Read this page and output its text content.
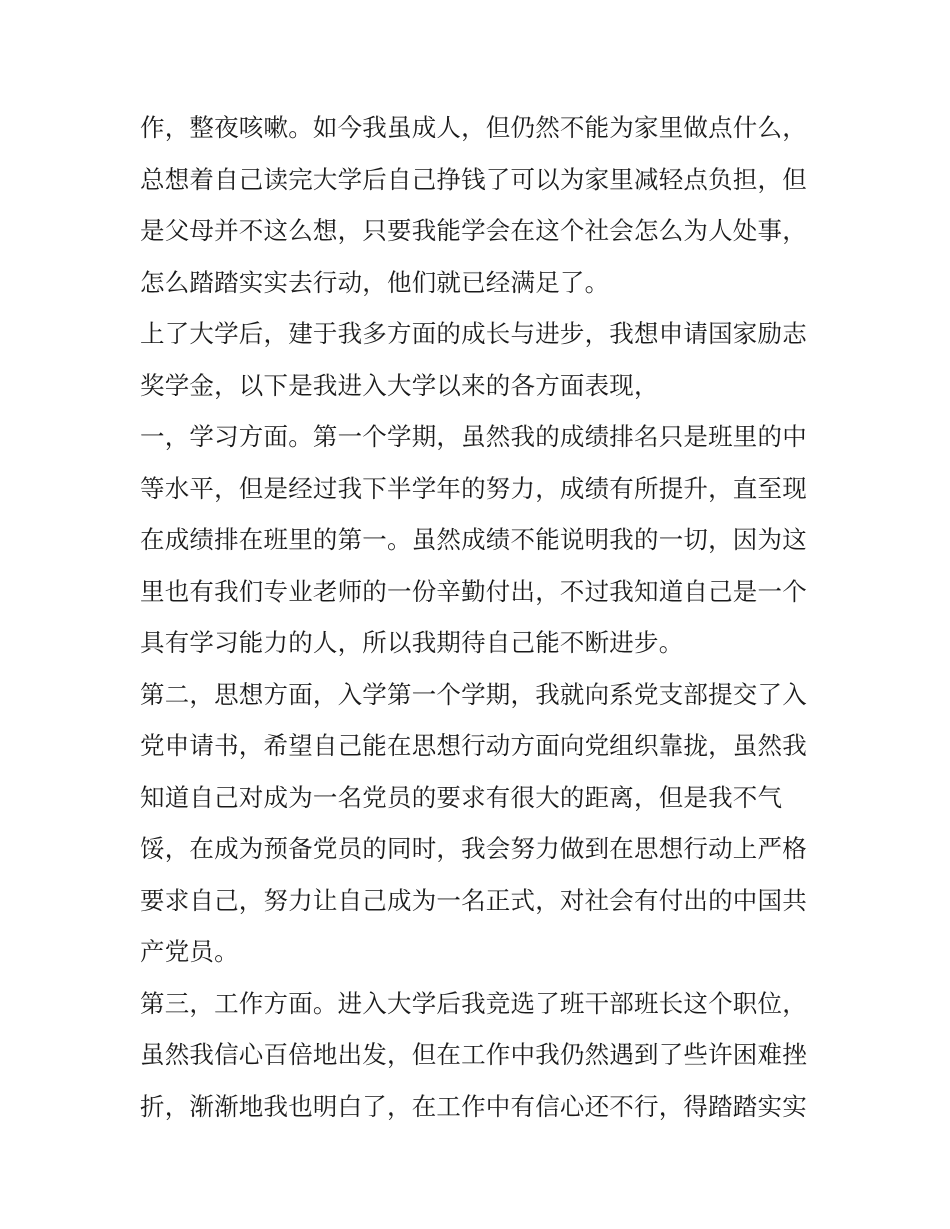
作，整夜咳嗽。如今我虽成人，但仍然不能为家里做点什么，
总想着自己读完大学后自己挣钱了可以为家里减轻点负担，但
是父母并不这么想，只要我能学会在这个社会怎么为人处事，
怎么踏踏实实去行动，他们就已经满足了。
上了大学后，建于我多方面的成长与进步，我想申请国家励志
奖学金，以下是我进入大学以来的各方面表现，
一，学习方面。第一个学期，虽然我的成绩排名只是班里的中
等水平，但是经过我下半学年的努力，成绩有所提升，直至现
在成绩排在班里的第一。虽然成绩不能说明我的一切，因为这
里也有我们专业老师的一份辛勤付出，不过我知道自己是一个
具有学习能力的人，所以我期待自己能不断进步。
第二，思想方面，入学第一个学期，我就向系党支部提交了入
党申请书，希望自己能在思想行动方面向党组织靠拢，虽然我
知道自己对成为一名党员的要求有很大的距离，但是我不气
馁，在成为预备党员的同时，我会努力做到在思想行动上严格
要求自己，努力让自己成为一名正式，对社会有付出的中国共
产党员。
第三，工作方面。进入大学后我竞选了班干部班长这个职位，
虽然我信心百倍地出发，但在工作中我仍然遇到了些许困难挫
折，渐渐地我也明白了，在工作中有信心还不行，得踏踏实实
